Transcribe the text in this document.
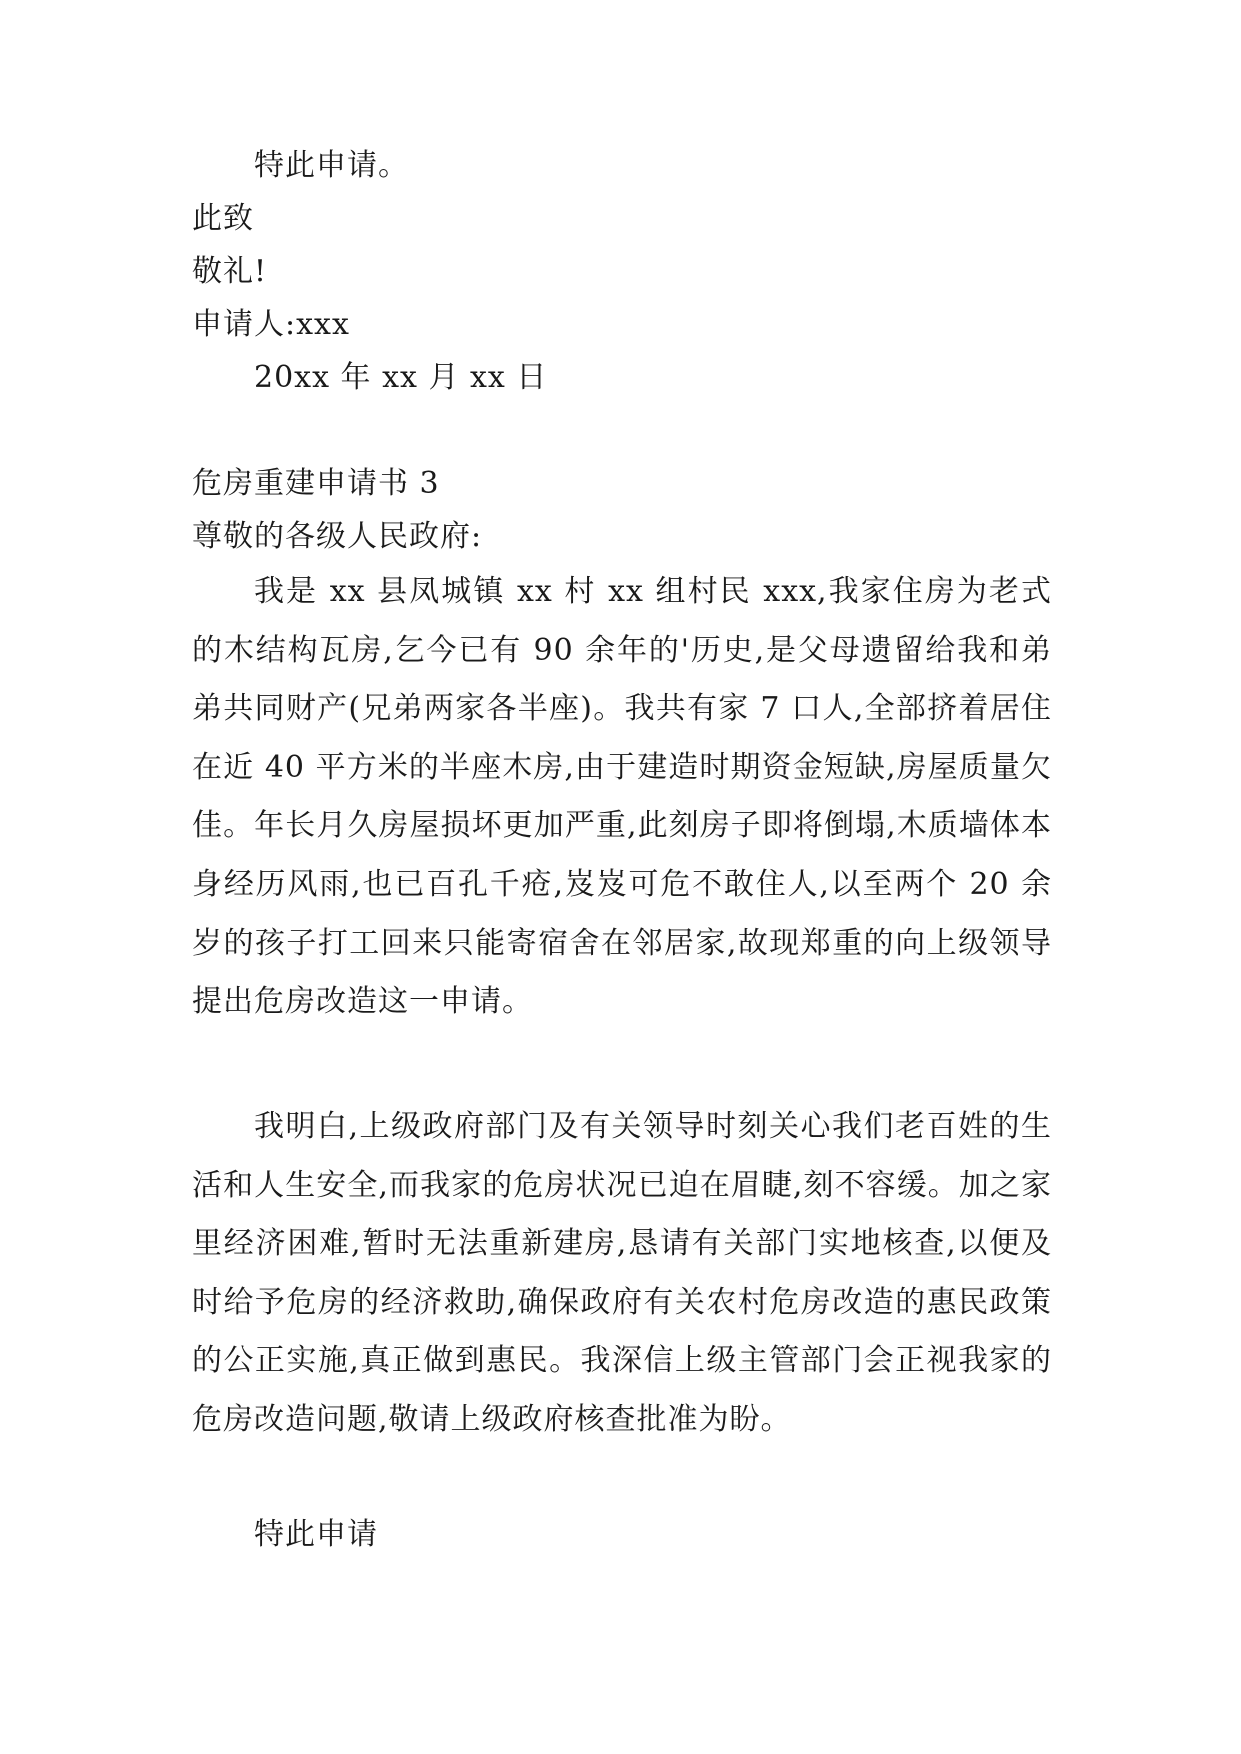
特此申请。
此致
敬礼!
申请人:xxx
20xx 年 xx 月 xx 日
危房重建申请书 3
尊敬的各级人民政府:
我是 xx 县凤城镇 xx 村 xx 组村民 xxx,我家住房为老式的木结构瓦房,乞今已有 90 余年的'历史,是父母遗留给我和弟弟共同财产(兄弟两家各半座)。我共有家 7 口人,全部挤着居住在近 40 平方米的半座木房,由于建造时期资金短缺,房屋质量欠佳。年长月久房屋损坏更加严重,此刻房子即将倒塌,木质墙体本身经历风雨,也已百孔千疮,岌岌可危不敢住人,以至两个 20 余岁的孩子打工回来只能寄宿舍在邻居家,故现郑重的向上级领导提出危房改造这一申请。
我明白,上级政府部门及有关领导时刻关心我们老百姓的生活和人生安全,而我家的危房状况已迫在眉睫,刻不容缓。加之家里经济困难,暂时无法重新建房,恳请有关部门实地核查,以便及时给予危房的经济救助,确保政府有关农村危房改造的惠民政策的公正实施,真正做到惠民。我深信上级主管部门会正视我家的危房改造问题,敬请上级政府核查批准为盼。
特此申请
